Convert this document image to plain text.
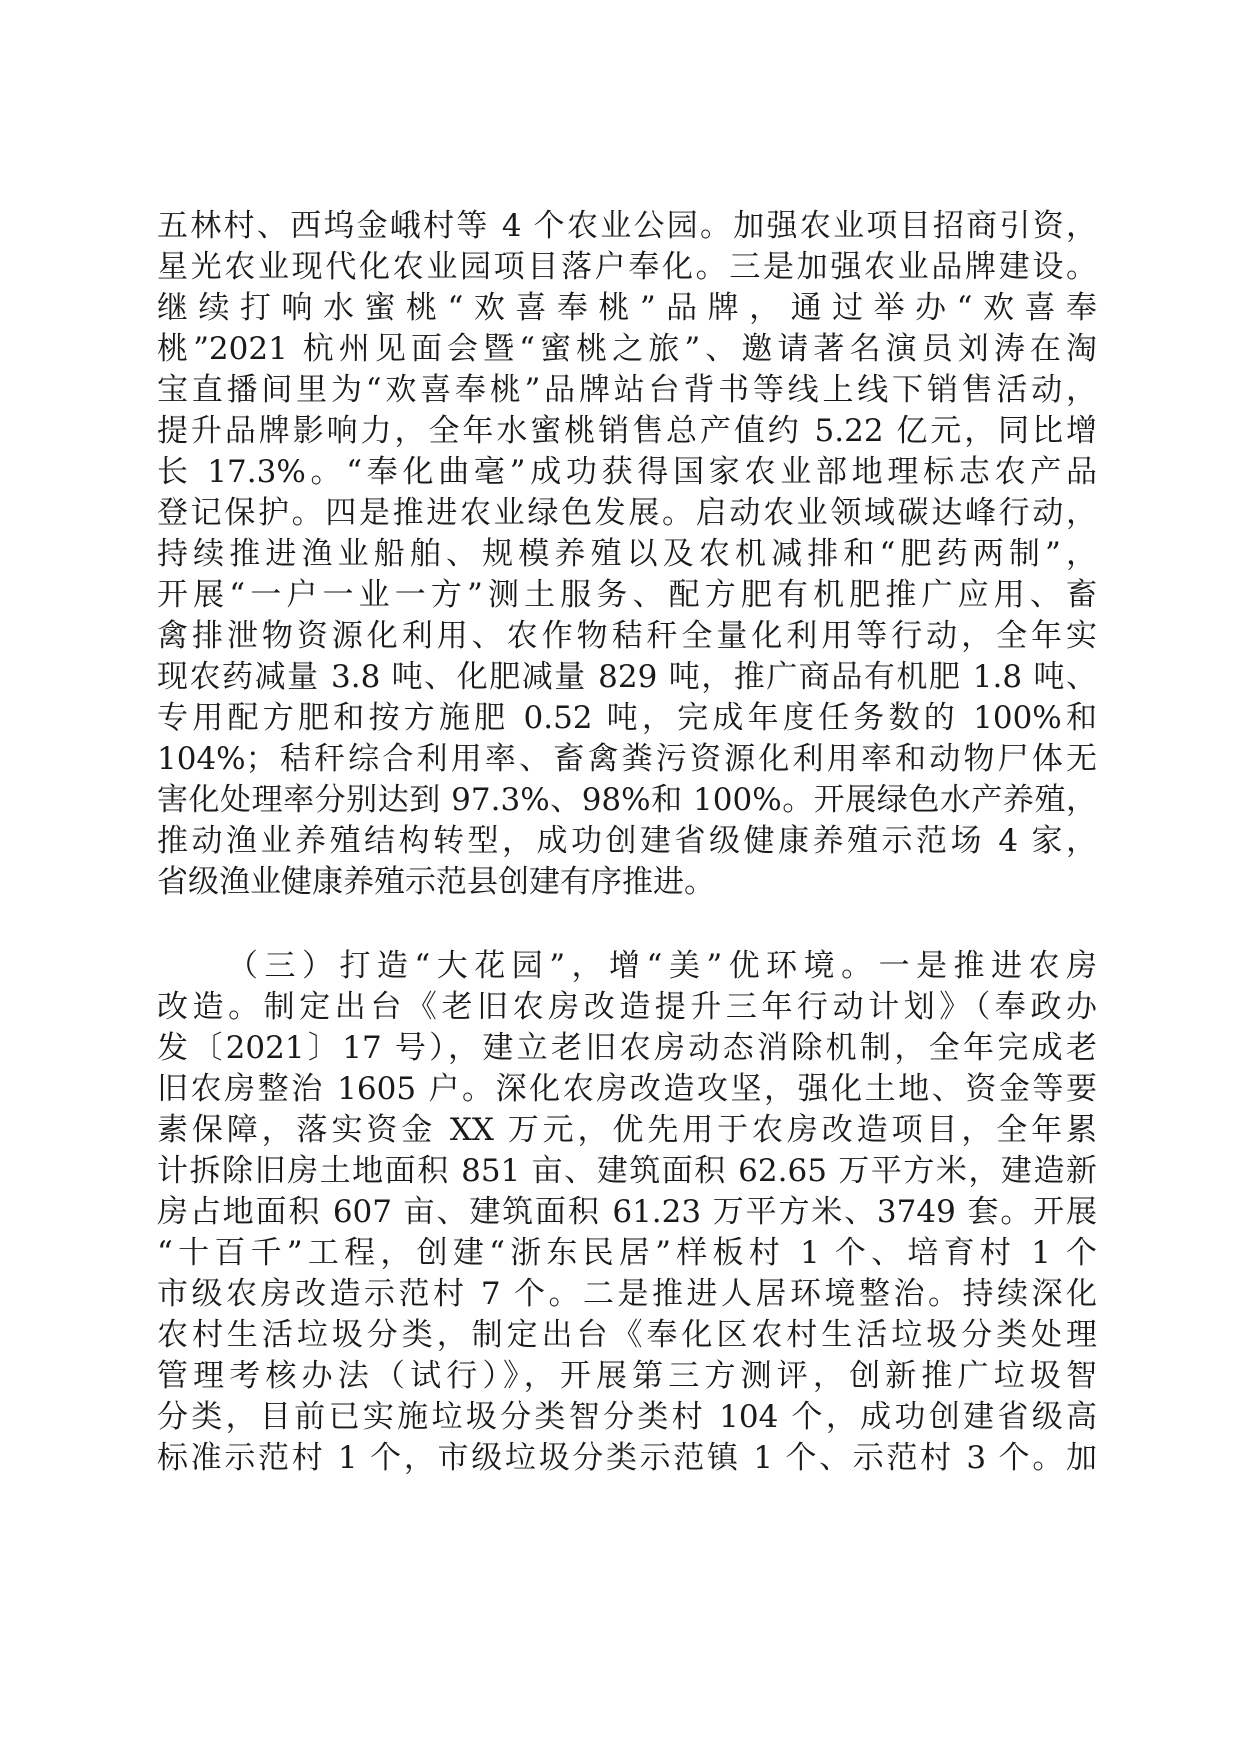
五林村、西坞金峨村等 4 个农业公园。加强农业项目招商引资，
星光农业现代化农业园项目落户奉化。三是加强农业品牌建设。
继续打响水蜜桃“欢喜奉桃”品牌，通过举办“欢喜奉
桃”2021 杭州见面会暨“蜜桃之旅”、邀请著名演员刘涛在淘
宝直播间里为“欢喜奉桃”品牌站台背书等线上线下销售活动，
提升品牌影响力，全年水蜜桃销售总产值约 5.22 亿元，同比增
长 17.3%。“奉化曲毫”成功获得国家农业部地理标志农产品
登记保护。四是推进农业绿色发展。启动农业领域碳达峰行动，
持续推进渔业船舶、规模养殖以及农机减排和“肥药两制”，
开展“一户一业一方”测土服务、配方肥有机肥推广应用、畜
禽排泄物资源化利用、农作物秸秆全量化利用等行动，全年实
现农药减量 3.8 吨、化肥减量 829 吨，推广商品有机肥 1.8 吨、
专用配方肥和按方施肥 0.52 吨，完成年度任务数的 100%和
104%；秸秆综合利用率、畜禽粪污资源化利用率和动物尸体无
害化处理率分别达到 97.3%、98%和 100%。开展绿色水产养殖，
推动渔业养殖结构转型，成功创建省级健康养殖示范场 4 家，
省级渔业健康养殖示范县创建有序推进。
（三）打造“大花园”，增“美”优环境。一是推进农房
改造。制定出台《老旧农房改造提升三年行动计划》（奉政办
发〔2021〕17 号），建立老旧农房动态消除机制，全年完成老
旧农房整治 1605 户。深化农房改造攻坚，强化土地、资金等要
素保障，落实资金 XX 万元，优先用于农房改造项目，全年累
计拆除旧房土地面积 851 亩、建筑面积 62.65 万平方米，建造新
房占地面积 607 亩、建筑面积 61.23 万平方米、3749 套。开展
“十百千”工程，创建“浙东民居”样板村 1 个、培育村 1 个
市级农房改造示范村 7 个。二是推进人居环境整治。持续深化
农村生活垃圾分类，制定出台《奉化区农村生活垃圾分类处理
管理考核办法（试行）》，开展第三方测评，创新推广垃圾智
分类，目前已实施垃圾分类智分类村 104 个，成功创建省级高
标准示范村 1 个，市级垃圾分类示范镇 1 个、示范村 3 个。加
